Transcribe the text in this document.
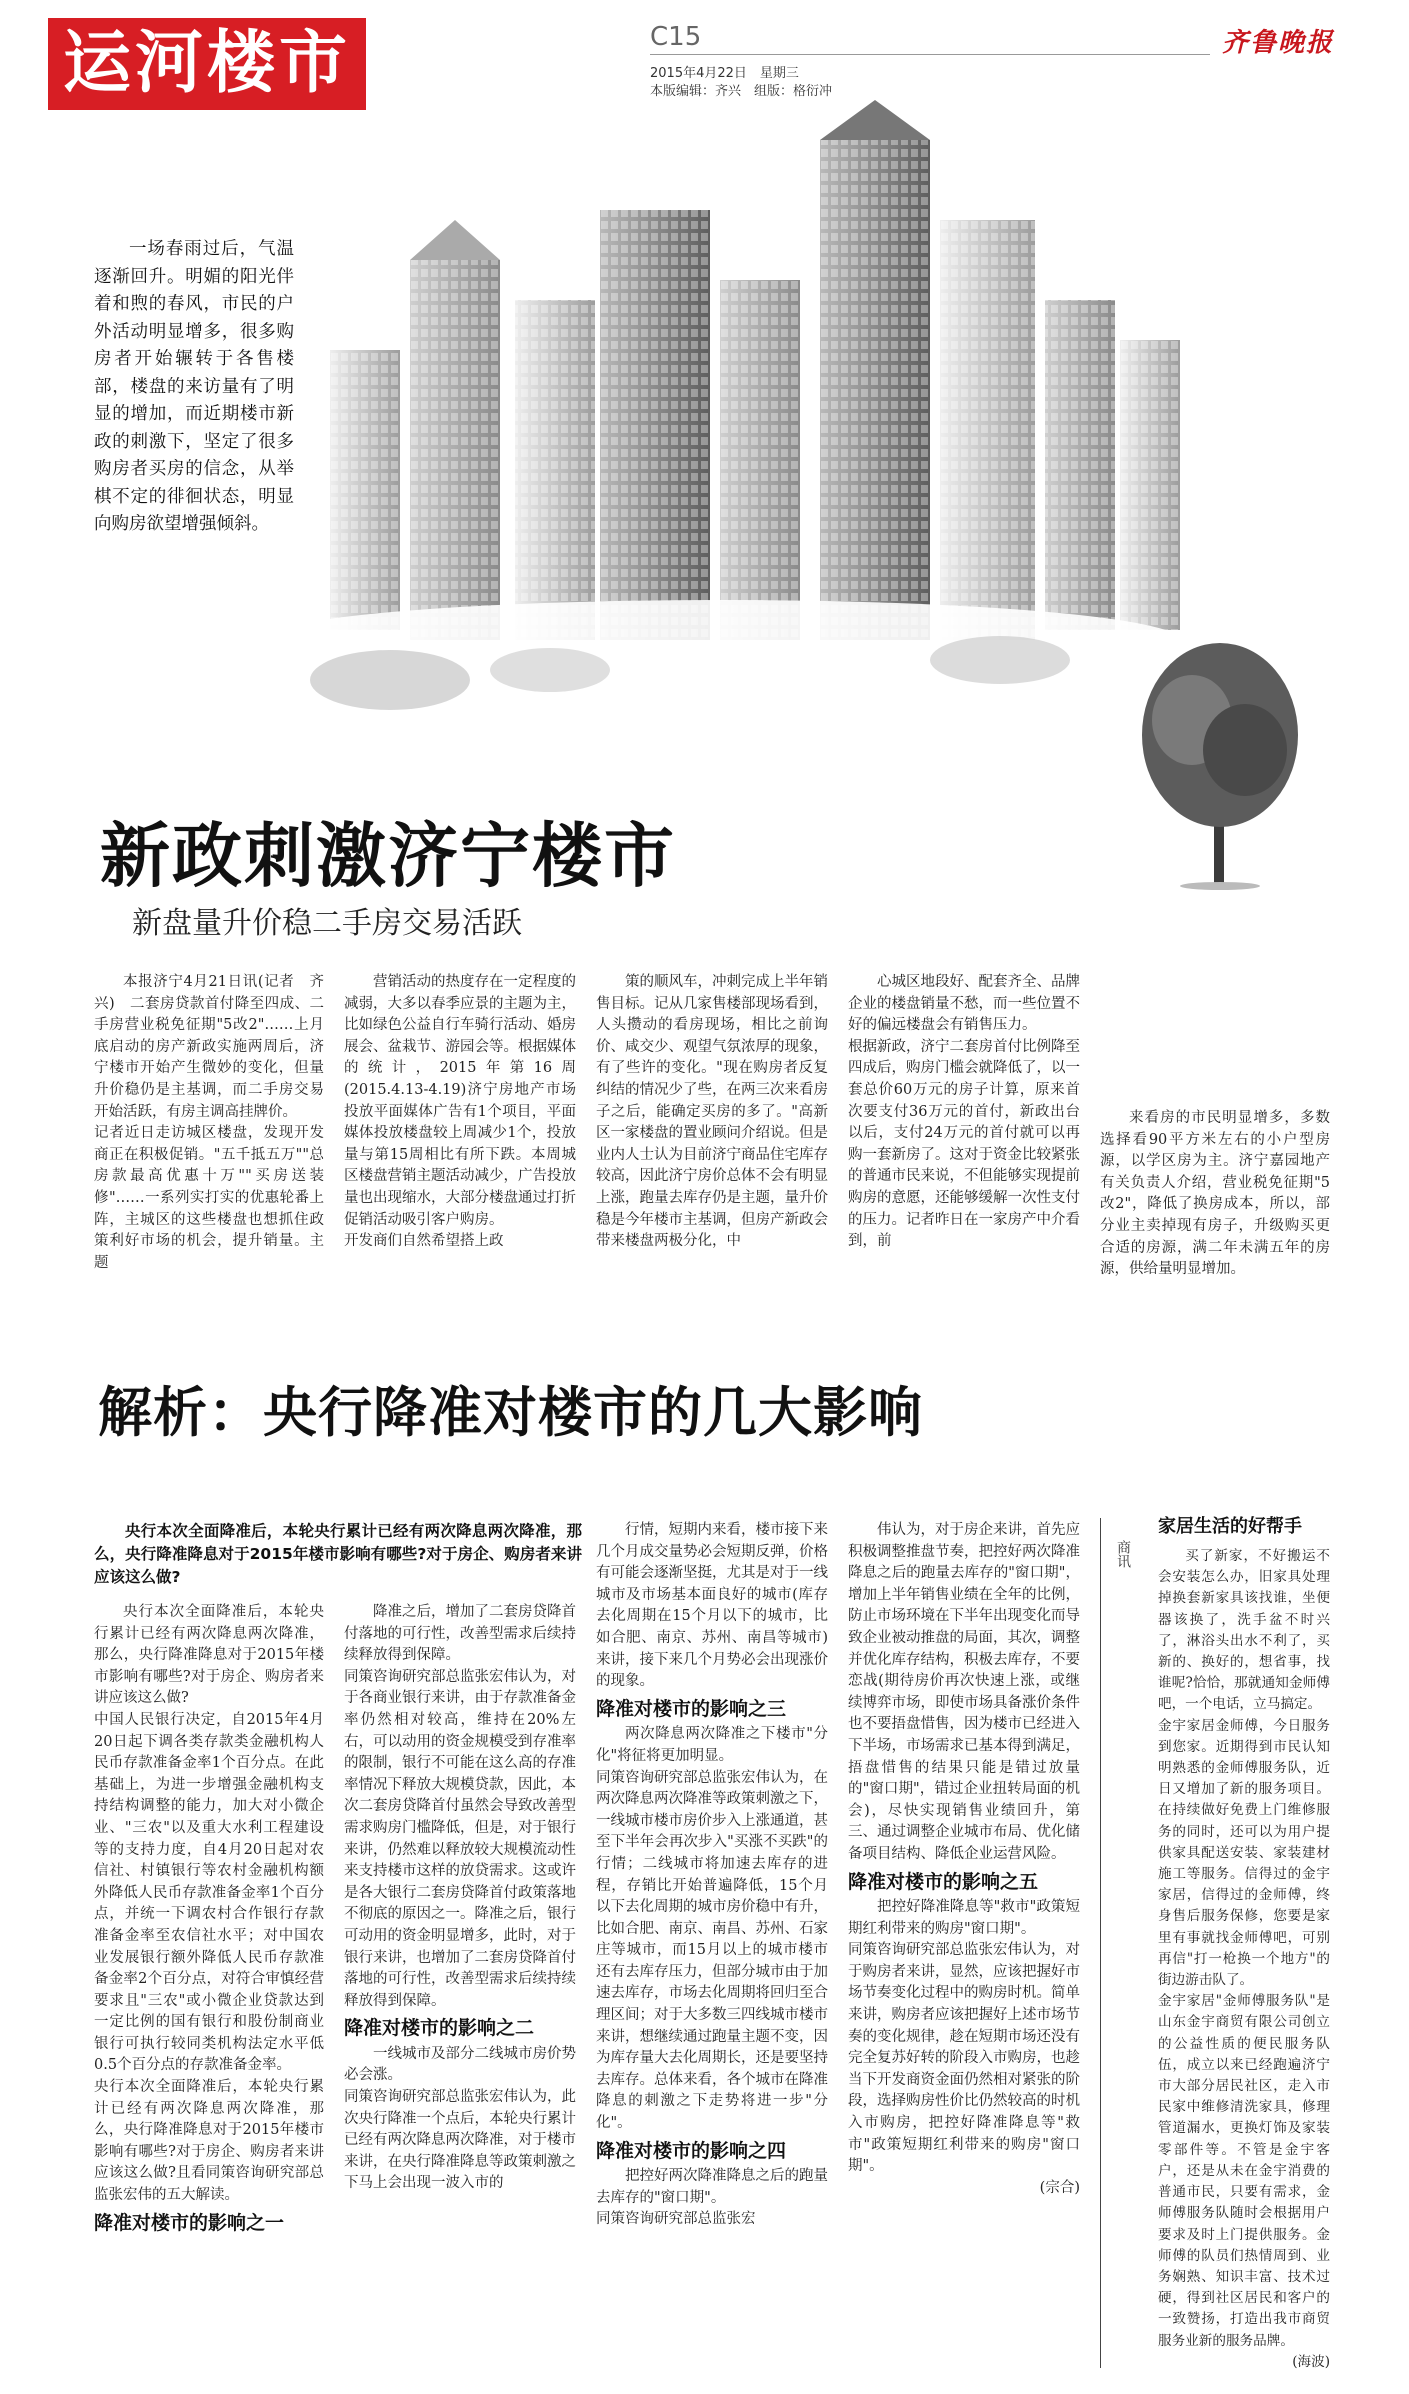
运河楼市	C15
2015年4月22日　星期三
本版编辑：齐兴　组版：格衍冲
齐鲁晚报
一场春雨过后，气温逐渐回升。明媚的阳光伴着和煦的春风，市民的户外活动明显增多，很多购房者开始辗转于各售楼部，楼盘的来访量有了明显的增加，而近期楼市新政的刺激下，坚定了很多购房者买房的信念，从举棋不定的徘徊状态，明显向购房欲望增强倾斜。
新政刺激济宁楼市
新盘量升价稳二手房交易活跃
本报济宁4月21日讯(记者　齐兴)　二套房贷款首付降至四成、二手房营业税免征期"5改2"……上月底启动的房产新政实施两周后，济宁楼市开始产生微妙的变化，但量升价稳仍是主基调，而二手房交易开始活跃，有房主调高挂牌价。
记者近日走访城区楼盘，发现开发商正在积极促销。"五千抵五万""总房款最高优惠十万""买房送装修"……一系列实打实的优惠轮番上阵，主城区的这些楼盘也想抓住政策利好市场的机会，提升销量。主题
营销活动的热度存在一定程度的减弱，大多以春季应景的主题为主，比如绿色公益自行车骑行活动、婚房展会、盆栽节、游园会等。根据媒体的统计，2015年第16周(2015.4.13-4.19)济宁房地产市场投放平面媒体广告有1个项目，平面媒体投放楼盘较上周减少1个，投放量与第15周相比有所下跌。本周城区楼盘营销主题活动减少，广告投放量也出现缩水，大部分楼盘通过打折促销活动吸引客户购房。
开发商们自然希望搭上政
策的顺风车，冲刺完成上半年销售目标。记从几家售楼部现场看到，人头攒动的看房现场，相比之前询价、咸交少、观望气氛浓厚的现象，有了些许的变化。"现在购房者反复纠结的情况少了些，在两三次来看房子之后，能确定买房的多了。"高新区一家楼盘的置业顾问介绍说。但是业内人士认为目前济宁商品住宅库存较高，因此济宁房价总体不会有明显上涨，跑量去库存仍是主题，量升价稳是今年楼市主基调，但房产新政会带来楼盘两极分化，中
心城区地段好、配套齐全、品牌企业的楼盘销量不愁，而一些位置不好的偏远楼盘会有销售压力。
根据新政，济宁二套房首付比例降至四成后，购房门槛会就降低了，以一套总价60万元的房子计算，原来首次要支付36万元的首付，新政出台以后，支付24万元的首付就可以再购一套新房了。这对于资金比较紧张的普通市民来说，不但能够实现提前购房的意愿，还能够缓解一次性支付的压力。记者昨日在一家房产中介看到，前
来看房的市民明显增多，多数选择看90平方米左右的小户型房源，以学区房为主。济宁嘉园地产有关负责人介绍，营业税免征期"5改2"，降低了换房成本，所以，部分业主卖掉现有房子，升级购买更合适的房源，满二年未满五年的房源，供给量明显增加。
解析：央行降准对楼市的几大影响
央行本次全面降准后，本轮央行累计已经有两次降息两次降准，那么，央行降准降息对于2015年楼市影响有哪些?对于房企、购房者来讲应该这么做?
央行本次全面降准后，本轮央行累计已经有两次降息两次降准，那么，央行降准降息对于2015年楼市影响有哪些?对于房企、购房者来讲应该这么做?
中国人民银行决定，自2015年4月20日起下调各类存款类金融机构人民币存款准备金率1个百分点。在此基础上，为进一步增强金融机构支持结构调整的能力，加大对小微企业、"三农"以及重大水利工程建设等的支持力度，自4月20日起对农信社、村镇银行等农村金融机构额外降低人民币存款准备金率1个百分点，并统一下调农村合作银行存款准备金率至农信社水平；对中国农业发展银行额外降低人民币存款准备金率2个百分点，对符合审慎经营要求且"三农"或小微企业贷款达到一定比例的国有银行和股份制商业银行可执行较同类机构法定水平低0.5个百分点的存款准备金率。
央行本次全面降准后，本轮央行累计已经有两次降息两次降准，那么，央行降准降息对于2015年楼市影响有哪些?对于房企、购房者来讲应该这么做?且看同策咨询研究部总监张宏伟的五大解读。
降准对楼市的影响之一
降准之后，增加了二套房贷降首付落地的可行性，改善型需求后续持续释放得到保障。
同策咨询研究部总监张宏伟认为，对于各商业银行来讲，由于存款准备金率仍然相对较高，维持在20%左右，可以动用的资金规模受到存准率的限制，银行不可能在这么高的存准率情况下释放大规模贷款，因此，本次二套房贷降首付虽然会导致改善型需求购房门槛降低，但是，对于银行来讲，仍然难以释放较大规模流动性来支持楼市这样的放贷需求。这或许是各大银行二套房贷降首付政策落地不彻底的原因之一。降准之后，银行可动用的资金明显增多，此时，对于银行来讲，也增加了二套房贷降首付落地的可行性，改善型需求后续持续释放得到保障。
降准对楼市的影响之二
一线城市及部分二线城市房价势必会涨。
同策咨询研究部总监张宏伟认为，此次央行降准一个点后，本轮央行累计已经有两次降息两次降准，对于楼市来讲，在央行降准降息等政策刺激之下马上会出现一波入市的
行情，短期内来看，楼市接下来几个月成交量势必会短期反弹，价格有可能会逐渐坚挺，尤其是对于一线城市及市场基本面良好的城市(库存去化周期在15个月以下的城市，比如合肥、南京、苏州、南昌等城市)来讲，接下来几个月势必会出现涨价的现象。
降准对楼市的影响之三
两次降息两次降准之下楼市"分化"将征将更加明显。
同策咨询研究部总监张宏伟认为，在两次降息两次降准等政策刺激之下，一线城市楼市房价步入上涨通道，甚至下半年会再次步入"买涨不买跌"的行情；二线城市将加速去库存的进程，存销比开始普遍降低，15个月以下去化周期的城市房价稳中有升，比如合肥、南京、南昌、苏州、石家庄等城市，而15月以上的城市楼市还有去库存压力，但部分城市由于加速去库存，市场去化周期将回归至合理区间；对于大多数三四线城市楼市来讲，想继续通过跑量主题不变，因为库存量大去化周期长，还是要坚持去库存。总体来看，各个城市在降准降息的刺激之下走势将进一步"分化"。
降准对楼市的影响之四
把控好两次降准降息之后的跑量去库存的"窗口期"。
同策咨询研究部总监张宏
伟认为，对于房企来讲，首先应积极调整推盘节奏，把控好两次降准降息之后的跑量去库存的"窗口期"，增加上半年销售业绩在全年的比例，防止市场环境在下半年出现变化而导致企业被动推盘的局面，其次，调整并优化库存结构，积极去库存，不要恋战(期待房价再次快速上涨，或继续博弈市场，即使市场具备涨价条件也不要捂盘惜售，因为楼市已经进入下半场，市场需求已基本得到满足，捂盘惜售的结果只能是错过放量的"窗口期"，错过企业扭转局面的机会)，尽快实现销售业绩回升，第三、通过调整企业城市布局、优化储备项目结构、降低企业运营风险。
降准对楼市的影响之五
把控好降准降息等"救市"政策短期红利带来的购房"窗口期"。
同策咨询研究部总监张宏伟认为，对于购房者来讲，显然，应该把握好市场节奏变化过程中的购房时机。简单来讲，购房者应该把握好上述市场节奏的变化规律，趁在短期市场还没有完全复苏好转的阶段入市购房，也趁当下开发商资金面仍然相对紧张的阶段，选择购房性价比仍然较高的时机入市购房，把控好降准降息等"救市"政策短期红利带来的购房"窗口期"。
(宗合)
商讯
家居生活的好帮手
买了新家，不好搬运不会安装怎么办，旧家具处理掉换套新家具该找谁，坐便器该换了，洗手盆不时兴了，淋浴头出水不利了，买新的、换好的，想省事，找谁呢?恰恰，那就通知金师傅吧，一个电话，立马搞定。
金宇家居金师傅，今日服务到您家。近期得到市民认知明熟悉的金师傅服务队，近日又增加了新的服务项目。在持续做好免费上门维修服务的同时，还可以为用户提供家具配送安装、家装建材施工等服务。信得过的金宇家居，信得过的金师傅，终身售后服务保修，您要是家里有事就找金师傅吧，可别再信"打一枪换一个地方"的街边游击队了。
金宇家居"金师傅服务队"是山东金宇商贸有限公司创立的公益性质的便民服务队伍，成立以来已经跑遍济宁市大部分居民社区，走入市民家中维修清洗家具，修理管道漏水，更换灯饰及家装零部件等。不管是金宇客户，还是从未在金宇消费的普通市民，只要有需求，金师傅服务队随时会根据用户要求及时上门提供服务。金师傅的队员们热情周到、业务娴熟、知识丰富、技术过硬，得到社区居民和客户的一致赞扬，打造出我市商贸服务业新的服务品牌。
(海波)
